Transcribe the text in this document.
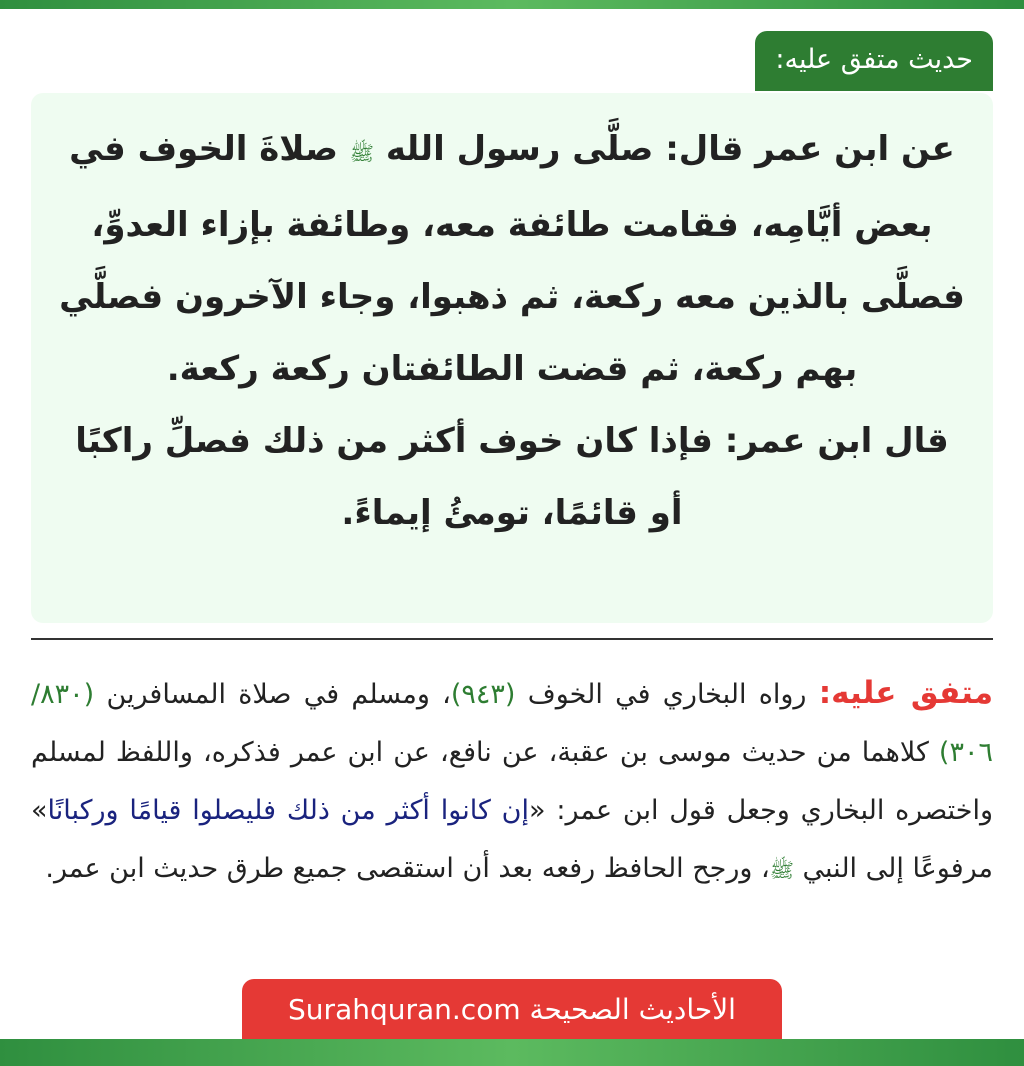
حديث متفق عليه:

عن ابن عمر قال: صلَّى رسول الله ﷺ صلاةَ الخوف في بعض أيَّامِه، فقامت طائفة معه، وطائفة بإزاء العدوِّ، فصلَّى بالذين معه ركعة، ثم ذهبوا، وجاء الآخرون فصلَّي بهم ركعة، ثم قضت الطائفتان ركعة ركعة.

قال ابن عمر: فإذا كان خوف أكثر من ذلك فصلِّ راكبًا أو قائمًا، تومئُ إيماءً.

متفق عليه: رواه البخاري في الخوف (٩٤٣)، ومسلم في صلاة المسافرين (٨٣٠/ ٣٠٦) كلاهما من حديث موسى بن عقبة، عن نافع، عن ابن عمر فذكره، واللفظ لمسلم واختصره البخاري وجعل قول ابن عمر: «إن كانوا أكثر من ذلك فليصلوا قيامًا وركبانًا» مرفوعًا إلى النبي ﷺ، ورجح الحافظ رفعه بعد أن استقصى جميع طرق حديث ابن عمر.

الأحاديث الصحيحة Surahquran.com
